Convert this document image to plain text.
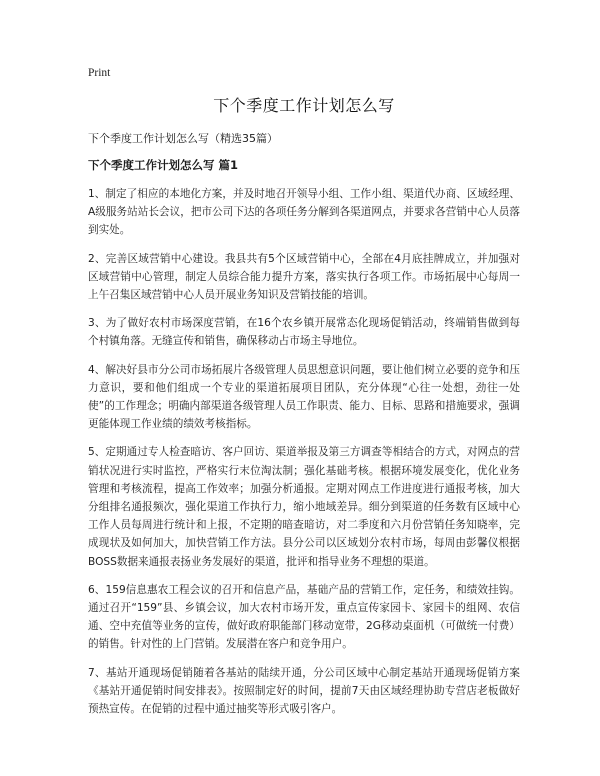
Print
下个季度工作计划怎么写

下个季度工作计划怎么写（精选35篇）

下个季度工作计划怎么写 篇1

1、制定了相应的本地化方案，并及时地召开领导小组、工作小组、渠道代办商、区域经理、A级服务站站长会议，把市公司下达的各项任务分解到各渠道网点，并要求各营销中心人员落到实处。

2、完善区域营销中心建设。我县共有5个区域营销中心，全部在4月底挂牌成立，并加强对区域营销中心管理，制定人员综合能力提升方案，落实执行各项工作。市场拓展中心每周一上午召集区域营销中心人员开展业务知识及营销技能的培训。

3、为了做好农村市场深度营销，在16个农乡镇开展常态化现场促销活动，终端销售做到每个村镇角落。无缝宣传和销售，确保移动占市场主导地位。

4、解决好县市分公司市场拓展片各级管理人员思想意识问题，要让他们树立必要的竞争和压力意识，要和他们组成一个专业的渠道拓展项目团队，充分体现“心往一处想，劲往一处使”的工作理念；明确内部渠道各级管理人员工作职责、能力、目标、思路和措施要求，强调更能体现工作业绩的绩效考核指标。

5、定期通过专人检查暗访、客户回访、渠道举报及第三方调查等相结合的方式，对网点的营销状况进行实时监控，严格实行末位淘汰制；强化基础考核。根据环境发展变化，优化业务管理和考核流程，提高工作效率；加强分析通报。定期对网点工作进度进行通报考核，加大分组排名通报频次，强化渠道工作执行力，缩小地域差异。细分到渠道的任务数有区域中心工作人员每周进行统计和上报，不定期的暗查暗访，对二季度和六月份营销任务知晓率，完成现状及如何加大，加快营销工作方法。县分公司以区域划分农村市场，每周由彭馨仪根据BOSS数据来通报表扬业务发展好的渠道，批评和指导业务不理想的渠道。

6、159信息惠农工程会议的召开和信息产品，基础产品的营销工作，定任务，和绩效挂钩。通过召开“159”县、乡镇会议，加大农村市场开发，重点宣传家园卡、家园卡的组网、农信通、空中充值等业务的宣传，做好政府职能部门移动宽带，2G移动桌面机（可做统一付费）的销售。针对性的上门营销。发展潜在客户和竞争用户。

7、基站开通现场促销随着各基站的陆续开通，分公司区域中心制定基站开通现场促销方案《基站开通促销时间安排表》。按照制定好的时间，提前7天由区域经理协助专营店老板做好预热宣传。在促销的过程中通过抽奖等形式吸引客户。
